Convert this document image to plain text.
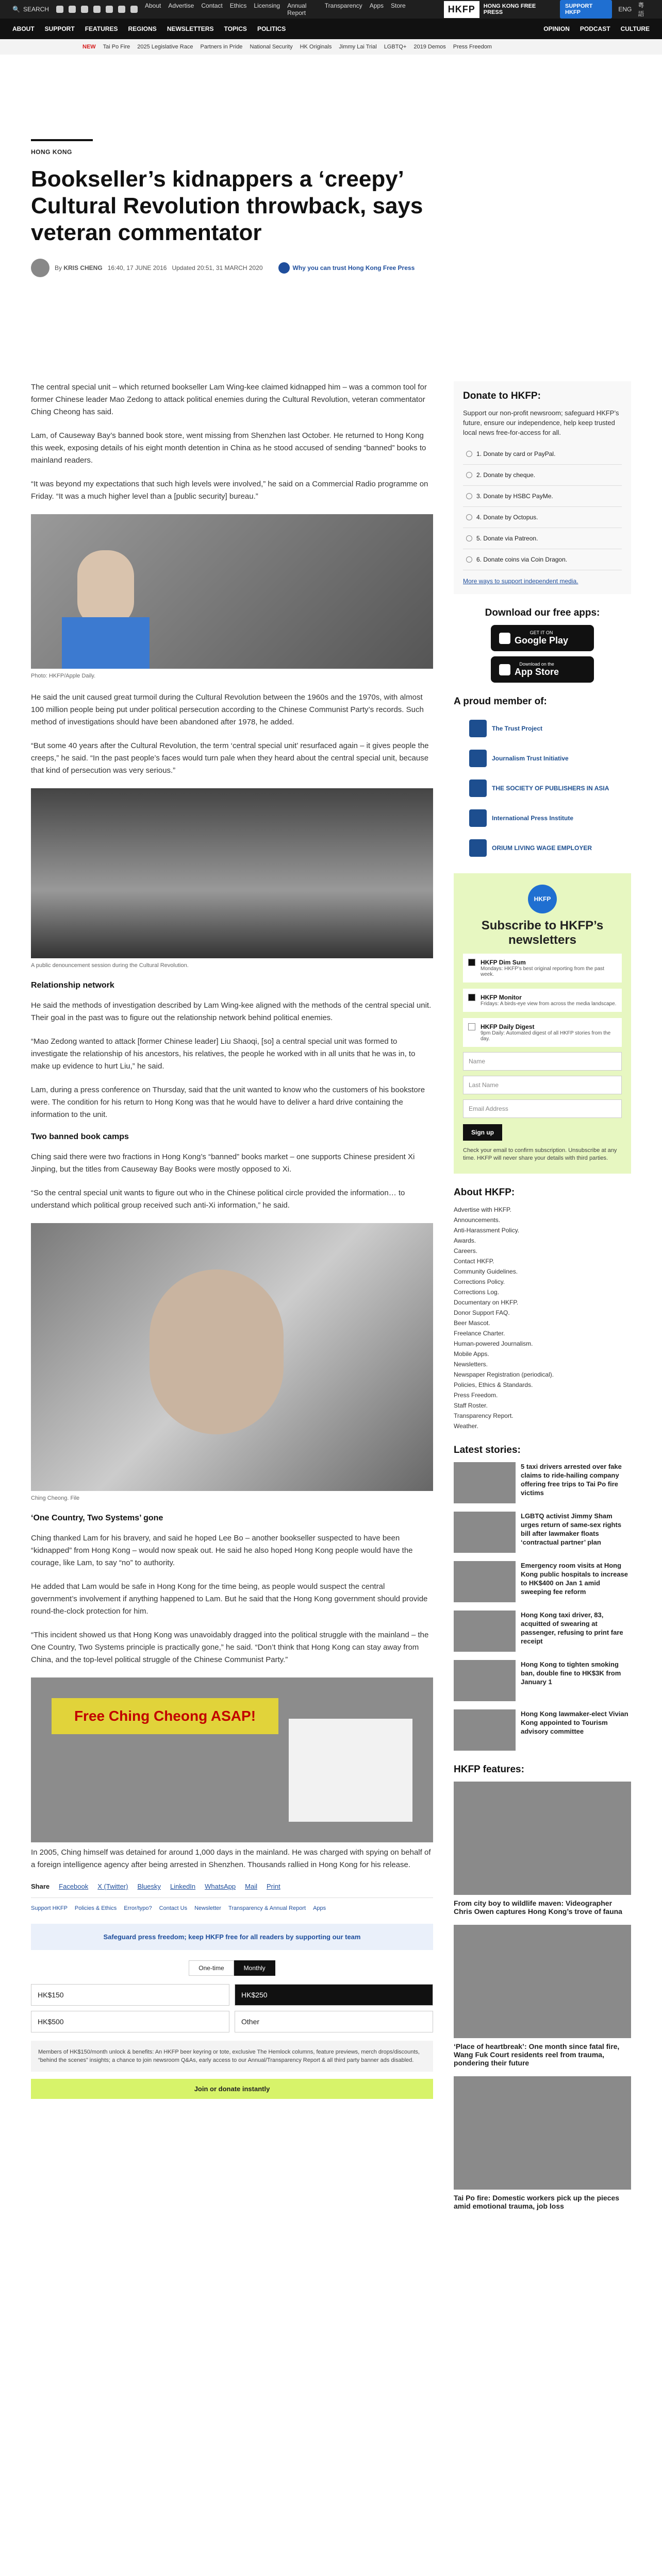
🔍 SEARCH	About Advertise Contact Ethics Licensing Annual Report
Transparency Apps Store	HKFP	HONG KONG FREE PRESS
SUPPORT HKFP	ENG
粵語
ABOUT SUPPORT FEATURES REGIONS NEWSLETTERS TOPICS POLITICS	OPINION PODCAST CULTURE
NEW Tai Po Fire 2025 Legislative Race Partners in Pride National Security HK Originals Jimmy Lai Trial LGBTQ+ 2019 Demos Press Freedom
HONG KONG
Bookseller’s kidnappers a ‘creepy’ Cultural Revolution throwback, says veteran commentator
By KRIS CHENG 16:40, 17 JUNE 2016 Updated 20:51, 31 MARCH 2020	Why you can trust Hong Kong Free Press

The central special unit – which returned bookseller Lam Wing-kee claimed kidnapped him – was a common tool for former Chinese leader Mao Zedong to attack political enemies during the Cultural Revolution, veteran commentator Ching Cheong has said.

Lam, of Causeway Bay’s banned book store, went missing from Shenzhen last October. He returned to Hong Kong this week, exposing details of his eight month detention in China as he stood accused of sending “banned” books to mainland readers.

“It was beyond my expectations that such high levels were involved,” he said on a Commercial Radio programme on Friday. “It was a much higher level than a [public security] bureau.”

Photo: HKFP/Apple Daily.

He said the unit caused great turmoil during the Cultural Revolution between the 1960s and the 1970s, with almost 100 million people being put under political persecution according to the Chinese Communist Party’s records. Such method of investigations should have been abandoned after 1978, he added.

“But some 40 years after the Cultural Revolution, the term ‘central special unit’ resurfaced again – it gives people the creeps,” he said. “In the past people’s faces would turn pale when they heard about the central special unit, because that kind of persecution was very serious.”

A public denouncement session during the Cultural Revolution.
Relationship network

He said the methods of investigation described by Lam Wing-kee aligned with the methods of the central special unit. Their goal in the past was to figure out the relationship network behind political enemies.

“Mao Zedong wanted to attack [former Chinese leader] Liu Shaoqi, [so] a central special unit was formed to investigate the relationship of his ancestors, his relatives, the people he worked with in all units that he was in, to make up evidence to hurt Liu,” he said.

Lam, during a press conference on Thursday, said that the unit wanted to know who the customers of his bookstore were. The condition for his return to Hong Kong was that he would have to deliver a hard drive containing the information to the unit.

Two banned book camps

Ching said there were two fractions in Hong Kong’s “banned” books market – one supports Chinese president Xi Jinping, but the titles from Causeway Bay Books were mostly opposed to Xi.

“So the central special unit wants to figure out who in the Chinese political circle provided the information… to understand which political group received such anti-Xi information,” he said.

Ching Cheong. File
‘One Country, Two Systems’ gone

Ching thanked Lam for his bravery, and said he hoped Lee Bo – another bookseller suspected to have been “kidnapped” from Hong Kong – would now speak out. He said he also hoped Hong Kong people would have the courage, like Lam, to say “no” to authority.

He added that Lam would be safe in Hong Kong for the time being, as people would suspect the central government’s involvement if anything happened to Lam. But he said that the Hong Kong government should provide round-the-clock protection for him.

“This incident showed us that Hong Kong was unavoidably dragged into the political struggle with the mainland – the One Country, Two Systems principle is practically gone,” he said. “Don’t think that Hong Kong can stay away from China, and the top-level political struggle of the Chinese Communist Party.”

Free Ching Cheong ASAP!

In 2005, Ching himself was detained for around 1,000 days in the mainland. He was charged with spying on behalf of a foreign intelligence agency after being arrested in Shenzhen. Thousands rallied in Hong Kong for his release.

Share Facebook X (Twitter) Bluesky LinkedIn WhatsApp Mail Print
Support HKFP Policies & Ethics Error/typo? Contact Us Newsletter Transparency & Annual Report Apps
Safeguard press freedom; keep HKFP free for all readers by supporting our team
One-time	Monthly
HK$150	HK$250
HK$500	Other
Members of HK$150/month unlock & benefits: An HKFP beer keyring or tote, exclusive The Hemlock columns, feature previews, merch drops/discounts, “behind the scenes” insights; a chance to join newsroom Q&As, early access to our Annual/Transparency Report & all third party banner ads disabled.
Join or donate instantly
Donate to HKFP:

Support our non-profit newsroom; safeguard HKFP’s future, ensure our independence, help keep trusted local news free-for-access for all.

1. Donate by card or PayPal.
2. Donate by cheque.
3. Donate by HSBC PayMe.
4. Donate by Octopus.
5. Donate via Patreon.
6. Donate coins via Coin Dragon.
More ways to support independent media.
Download our free apps:
GET IT ON
Google Play
Download on the
App Store
A proud member of:
The Trust Project
Journalism Trust Initiative
THE SOCIETY OF PUBLISHERS IN ASIA
International Press Institute
ORIUM LIVING WAGE EMPLOYER
HKFP
Subscribe to HKFP’s newsletters
HKFP Dim Sum
Mondays: HKFP’s best original reporting from the past week.
HKFP Monitor
Fridays: A birds-eye view from across the media landscape.
HKFP Daily Digest
9pm Daily: Automated digest of all HKFP stories from the day.
Name
Last Name
Email Address
Sign up
Check your email to confirm subscription. Unsubscribe at any time. HKFP will never share your details with third parties.
About HKFP:
Advertise with HKFP.
Announcements.
Anti-Harassment Policy.
Awards.
Careers.
Contact HKFP.
Community Guidelines.
Corrections Policy.
Corrections Log.
Documentary on HKFP.
Donor Support FAQ.
Beer Mascot.
Freelance Charter.
Human-powered Journalism.
Mobile Apps.
Newsletters.
Newspaper Registration (periodical).
Policies, Ethics & Standards.
Press Freedom.
Staff Roster.
Transparency Report.
Weather.
Latest stories:
5 taxi drivers arrested over fake claims to ride-hailing company offering free trips to Tai Po fire victims
LGBTQ activist Jimmy Sham urges return of same-sex rights bill after lawmaker floats ‘contractual partner’ plan
Emergency room visits at Hong Kong public hospitals to increase to HK$400 on Jan 1 amid sweeping fee reform
Hong Kong taxi driver, 83, acquitted of swearing at passenger, refusing to print fare receipt
Hong Kong to tighten smoking ban, double fine to HK$3K from January 1
Hong Kong lawmaker-elect Vivian Kong appointed to Tourism advisory committee
HKFP features:
From city boy to wildlife maven: Videographer Chris Owen captures Hong Kong’s trove of fauna
‘Place of heartbreak’: One month since fatal fire, Wang Fuk Court residents reel from trauma, pondering their future
Tai Po fire: Domestic workers pick up the pieces amid emotional trauma, job loss
